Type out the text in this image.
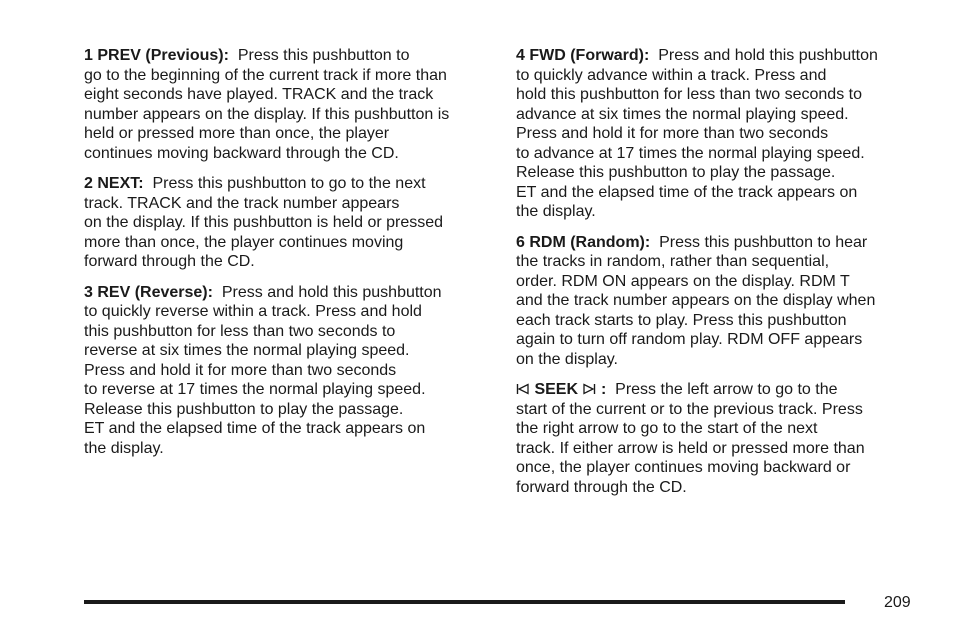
1 PREV (Previous): Press this pushbutton to
go to the beginning of the current track if more than
eight seconds have played. TRACK and the track
number appears on the display. If this pushbutton is
held or pressed more than once, the player
continues moving backward through the CD.
2 NEXT: Press this pushbutton to go to the next
track. TRACK and the track number appears
on the display. If this pushbutton is held or pressed
more than once, the player continues moving
forward through the CD.
3 REV (Reverse): Press and hold this pushbutton
to quickly reverse within a track. Press and hold
this pushbutton for less than two seconds to
reverse at six times the normal playing speed.
Press and hold it for more than two seconds
to reverse at 17 times the normal playing speed.
Release this pushbutton to play the passage.
ET and the elapsed time of the track appears on
the display.
4 FWD (Forward): Press and hold this pushbutton
to quickly advance within a track. Press and
hold this pushbutton for less than two seconds to
advance at six times the normal playing speed.
Press and hold it for more than two seconds
to advance at 17 times the normal playing speed.
Release this pushbutton to play the passage.
ET and the elapsed time of the track appears on
the display.
6 RDM (Random): Press this pushbutton to hear
the tracks in random, rather than sequential,
order. RDM ON appears on the display. RDM T
and the track number appears on the display when
each track starts to play. Press this pushbutton
again to turn off random play. RDM OFF appears
on the display.
SEEK : Press the left arrow to go to the
start of the current or to the previous track. Press
the right arrow to go to the start of the next
track. If either arrow is held or pressed more than
once, the player continues moving backward or
forward through the CD.
209
